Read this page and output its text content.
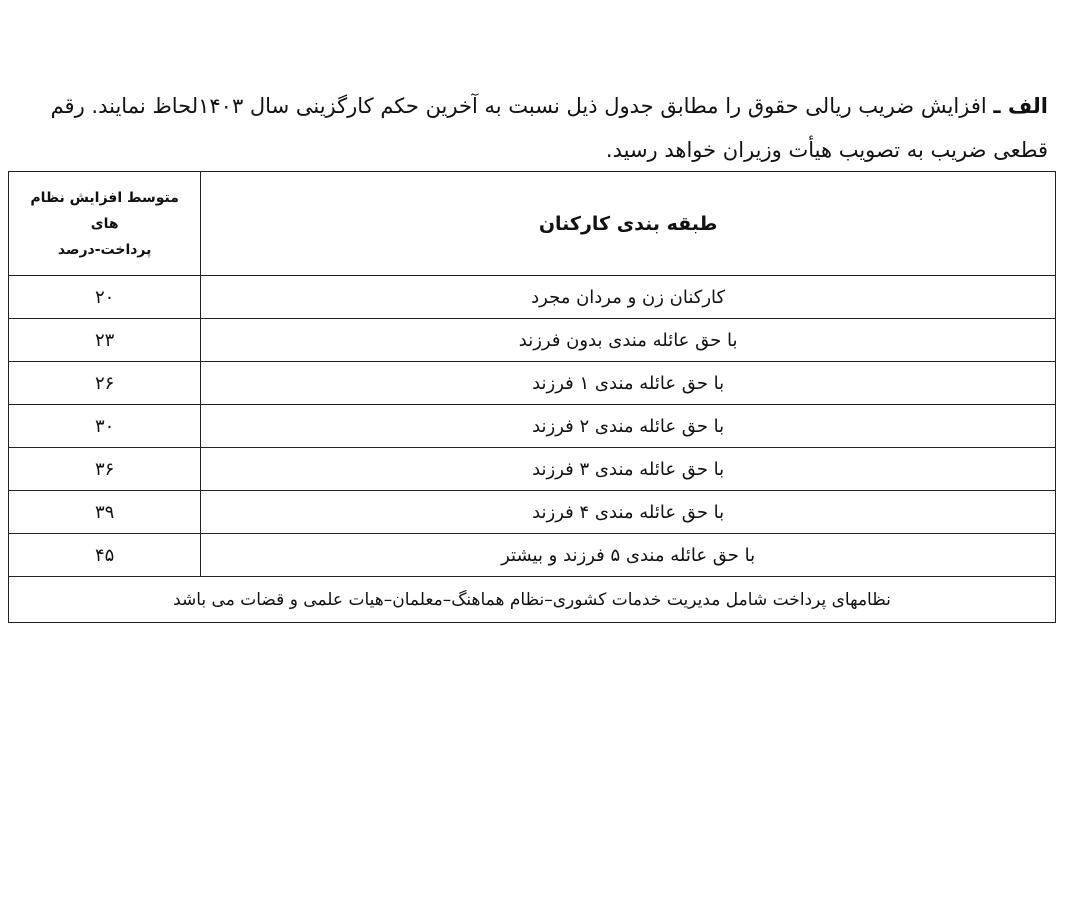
الف ـ افزایش ضریب ریالی حقوق را مطابق جدول ذیل نسبت به آخرین حکم کارگزینی سال ۱۴۰۳لحاظ نمایند. رقم قطعی ضریب به تصویب هیأت وزیران خواهد رسید.
طبقه بندی کارکنان	متوسط افزایش نظام های
پرداخت-درصد

کارکنان زن و مردان مجرد	۲۰
با حق عائله مندی بدون فرزند	۲۳
با حق عائله مندی ۱ فرزند	۲۶
با حق عائله مندی ۲ فرزند	۳۰
با حق عائله مندی ۳ فرزند	۳۶
با حق عائله مندی ۴ فرزند	۳۹
با حق عائله مندی ۵ فرزند و بیشتر	۴۵
نظامهای پرداخت شامل مدیریت خدمات کشوری–نظام هماهنگ–معلمان–هیات علمی و قضات می باشد	
